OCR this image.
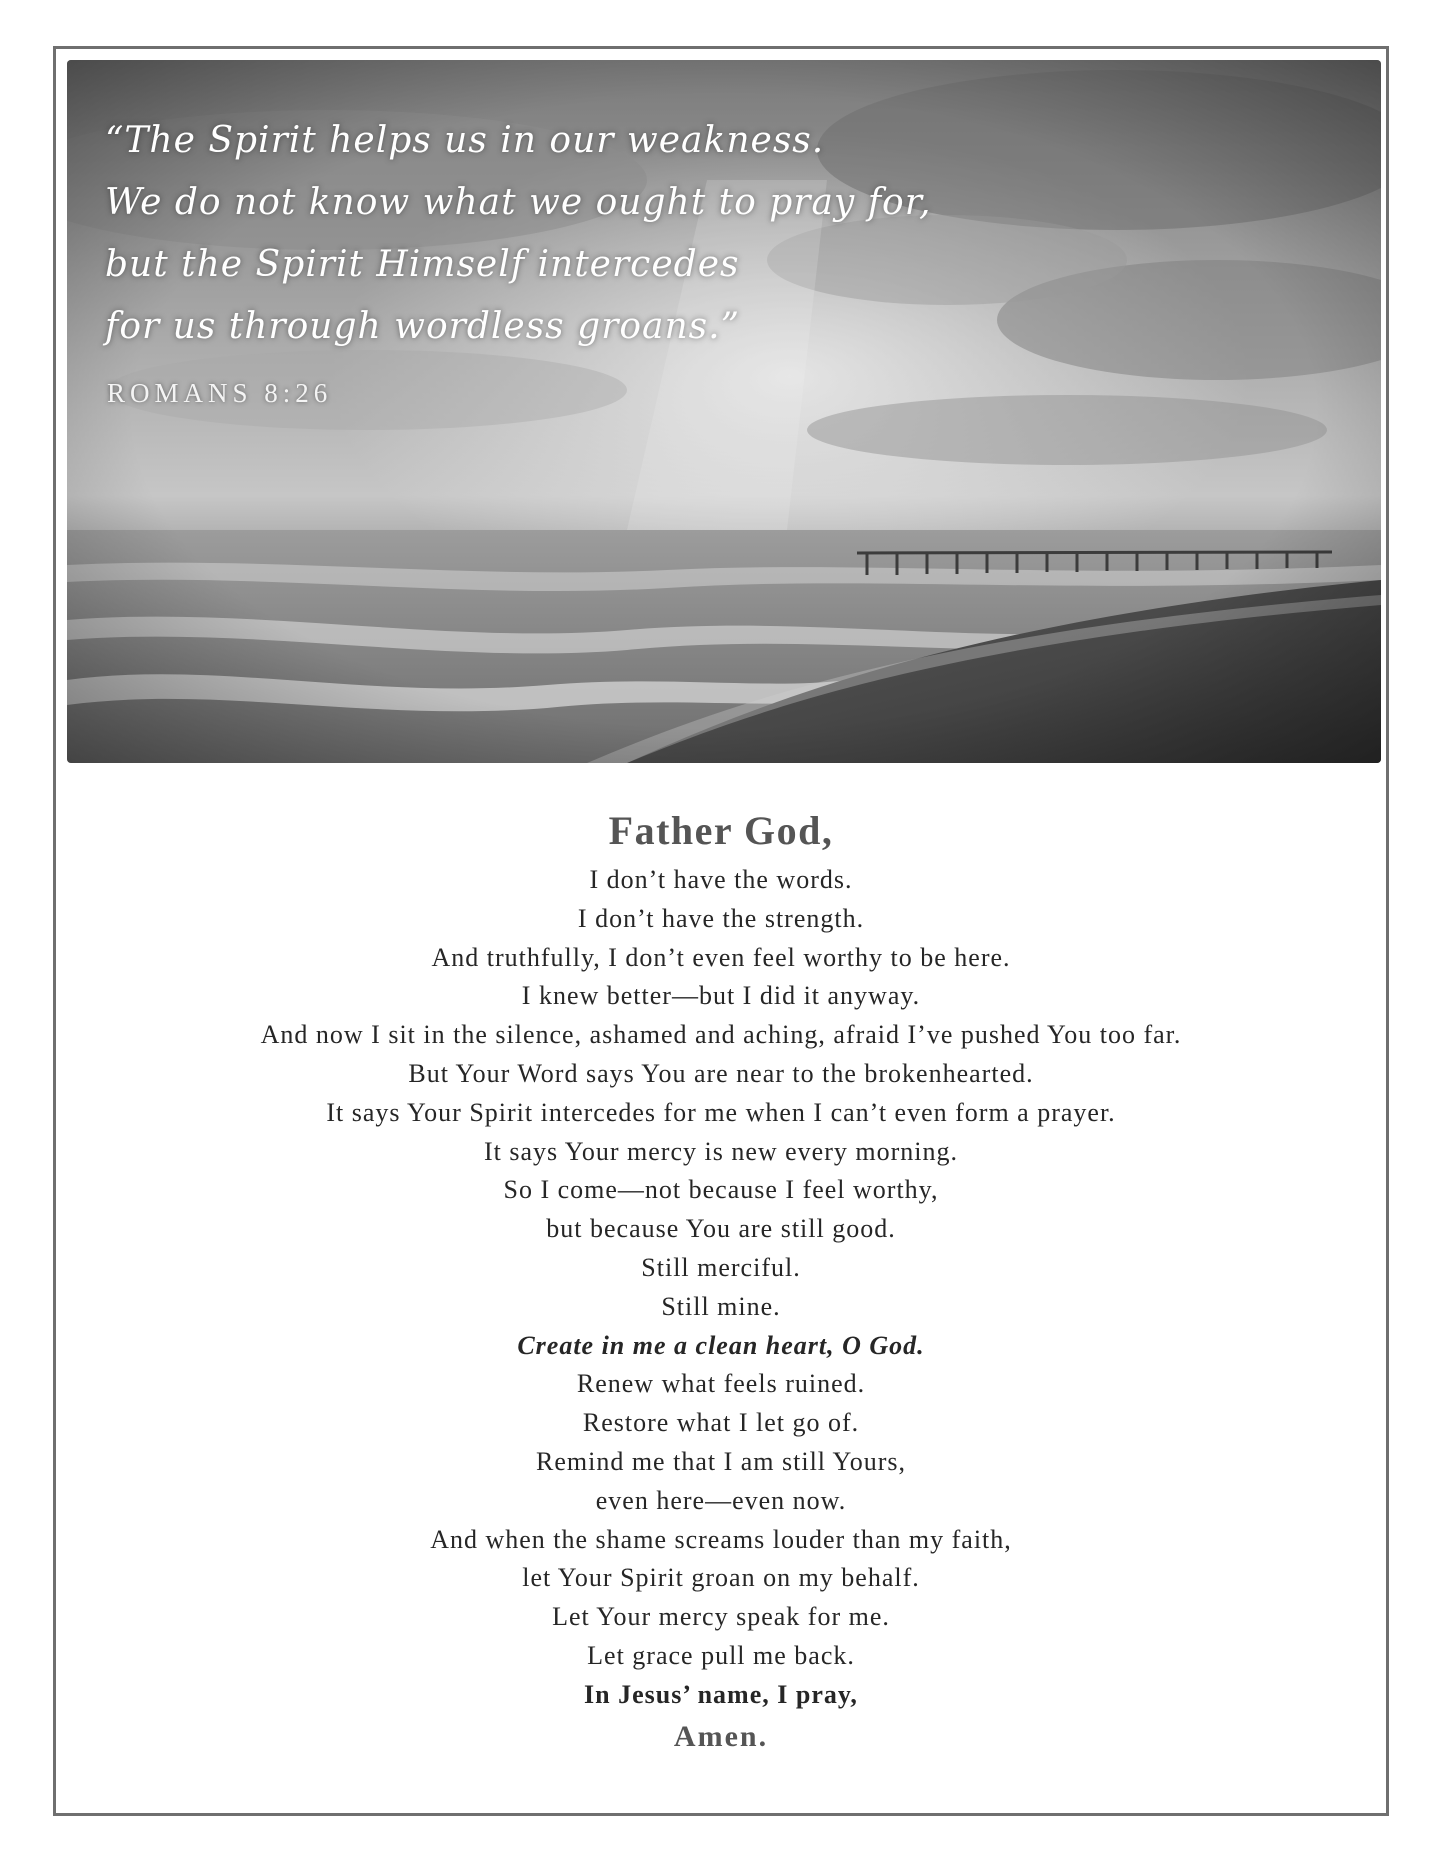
“The Spirit helps us in our weakness.
We do not know what we ought to pray for,
but the Spirit Himself intercedes
for us through wordless groans.”

ROMANS 8:26
Father God,
I don’t have the words.
I don’t have the strength.
And truthfully, I don’t even feel worthy to be here.
I knew better—but I did it anyway.
And now I sit in the silence, ashamed and aching, afraid I’ve pushed You too far.
But Your Word says You are near to the brokenhearted.
It says Your Spirit intercedes for me when I can’t even form a prayer.
It says Your mercy is new every morning.
So I come—not because I feel worthy,
but because You are still good.
Still merciful.
Still mine.
Create in me a clean heart, O God.
Renew what feels ruined.
Restore what I let go of.
Remind me that I am still Yours,
even here—even now.
And when the shame screams louder than my faith,
let Your Spirit groan on my behalf.
Let Your mercy speak for me.
Let grace pull me back.
In Jesus’ name, I pray,
Amen.
